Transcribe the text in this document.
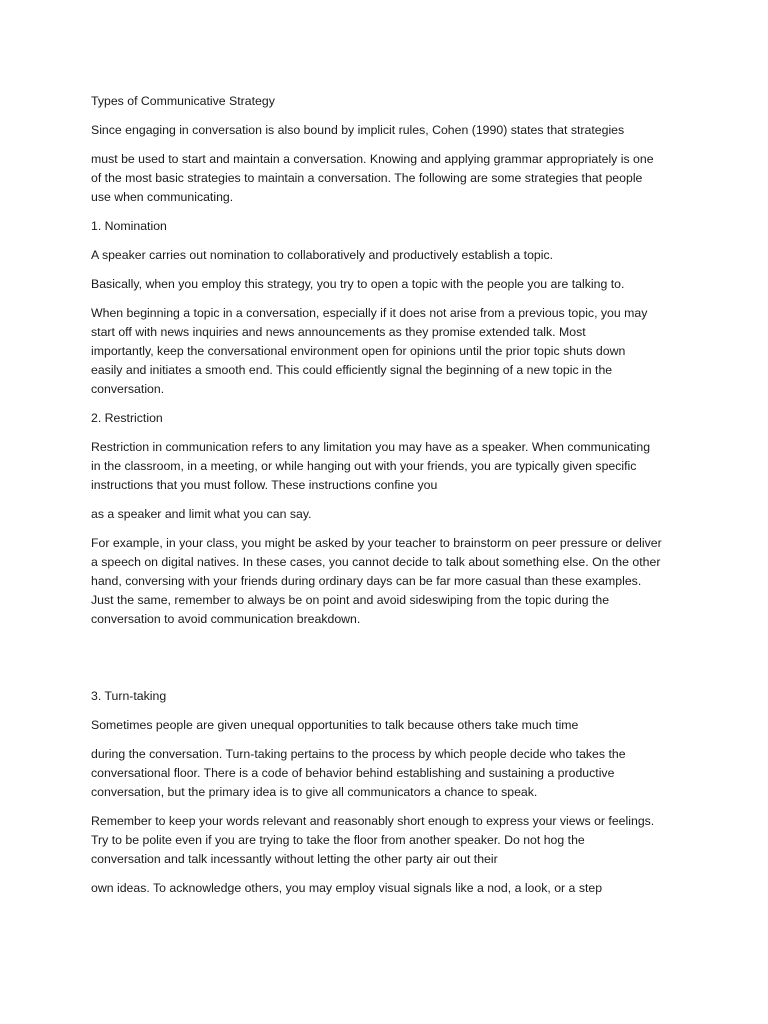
Types of Communicative Strategy

Since engaging in conversation is also bound by implicit rules, Cohen (1990) states that strategies

must be used to start and maintain a conversation. Knowing and applying grammar appropriately is one
of the most basic strategies to maintain a conversation. The following are some strategies that people
use when communicating.

1. Nomination

A speaker carries out nomination to collaboratively and productively establish a topic.

Basically, when you employ this strategy, you try to open a topic with the people you are talking to.

When beginning a topic in a conversation, especially if it does not arise from a previous topic, you may
start off with news inquiries and news announcements as they promise extended talk. Most
importantly, keep the conversational environment open for opinions until the prior topic shuts down
easily and initiates a smooth end. This could efficiently signal the beginning of a new topic in the
conversation.

2. Restriction

Restriction in communication refers to any limitation you may have as a speaker. When communicating
in the classroom, in a meeting, or while hanging out with your friends, you are typically given specific
instructions that you must follow. These instructions confine you

as a speaker and limit what you can say.

For example, in your class, you might be asked by your teacher to brainstorm on peer pressure or deliver
a speech on digital natives. In these cases, you cannot decide to talk about something else. On the other
hand, conversing with your friends during ordinary days can be far more casual than these examples.
Just the same, remember to always be on point and avoid sideswiping from the topic during the
conversation to avoid communication breakdown.

3. Turn-taking

Sometimes people are given unequal opportunities to talk because others take much time

during the conversation. Turn-taking pertains to the process by which people decide who takes the
conversational floor. There is a code of behavior behind establishing and sustaining a productive
conversation, but the primary idea is to give all communicators a chance to speak.

Remember to keep your words relevant and reasonably short enough to express your views or feelings.
Try to be polite even if you are trying to take the floor from another speaker. Do not hog the
conversation and talk incessantly without letting the other party air out their

own ideas. To acknowledge others, you may employ visual signals like a nod, a look, or a step
